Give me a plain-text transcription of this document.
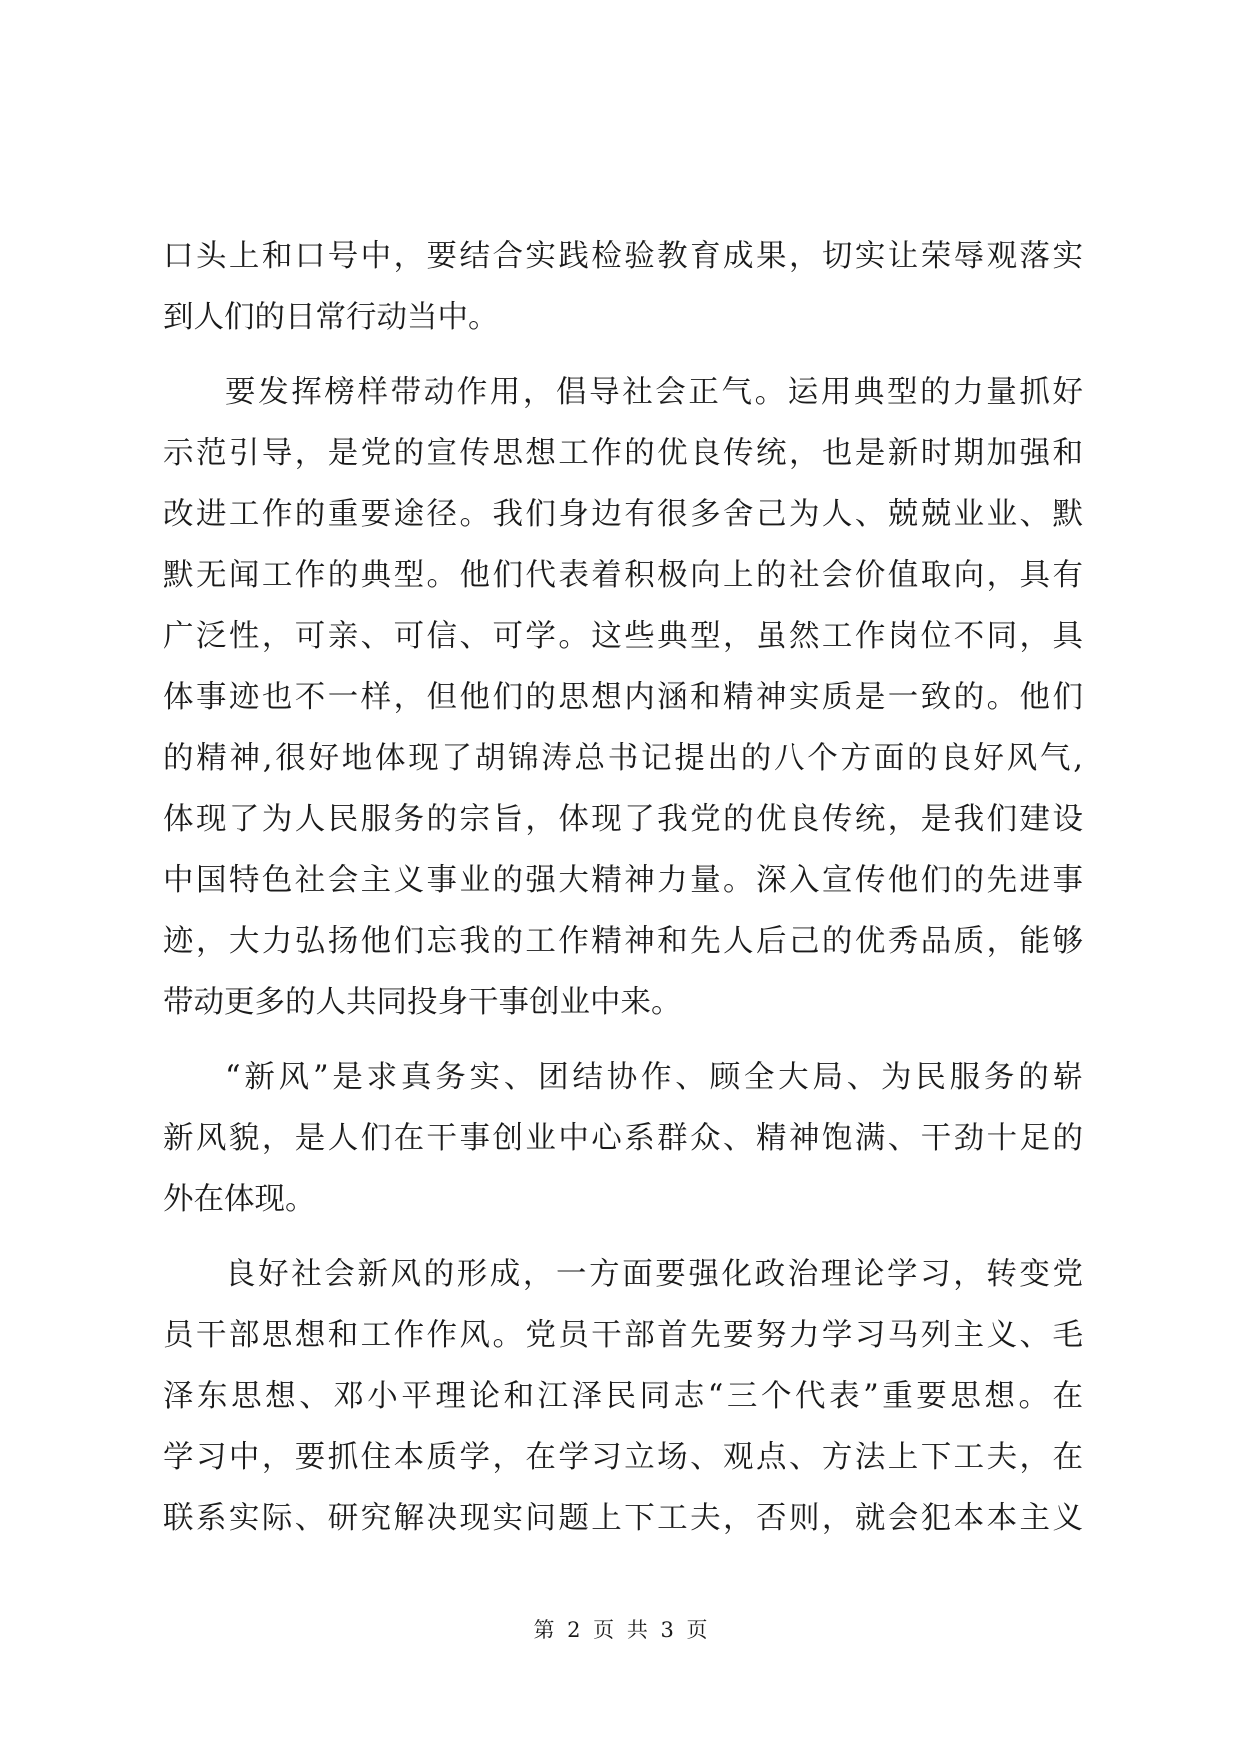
口头上和口号中，要结合实践检验教育成果，切实让荣辱观落实
到人们的日常行动当中。
要发挥榜样带动作用，倡导社会正气。运用典型的力量抓好
示范引导，是党的宣传思想工作的优良传统，也是新时期加强和
改进工作的重要途径。我们身边有很多舍己为人、兢兢业业、默
默无闻工作的典型。他们代表着积极向上的社会价值取向，具有
广泛性，可亲、可信、可学。这些典型，虽然工作岗位不同，具
体事迹也不一样，但他们的思想内涵和精神实质是一致的。他们
的精神,很好地体现了胡锦涛总书记提出的八个方面的良好风气,
体现了为人民服务的宗旨，体现了我党的优良传统，是我们建设
中国特色社会主义事业的强大精神力量。深入宣传他们的先进事
迹，大力弘扬他们忘我的工作精神和先人后己的优秀品质，能够
带动更多的人共同投身干事创业中来。
“新风”是求真务实、团结协作、顾全大局、为民服务的崭
新风貌，是人们在干事创业中心系群众、精神饱满、干劲十足的
外在体现。
良好社会新风的形成，一方面要强化政治理论学习，转变党
员干部思想和工作作风。党员干部首先要努力学习马列主义、毛
泽东思想、邓小平理论和江泽民同志“三个代表”重要思想。在
学习中，要抓住本质学，在学习立场、观点、方法上下工夫，在
联系实际、研究解决现实问题上下工夫，否则，就会犯本本主义
第 2 页 共 3 页
